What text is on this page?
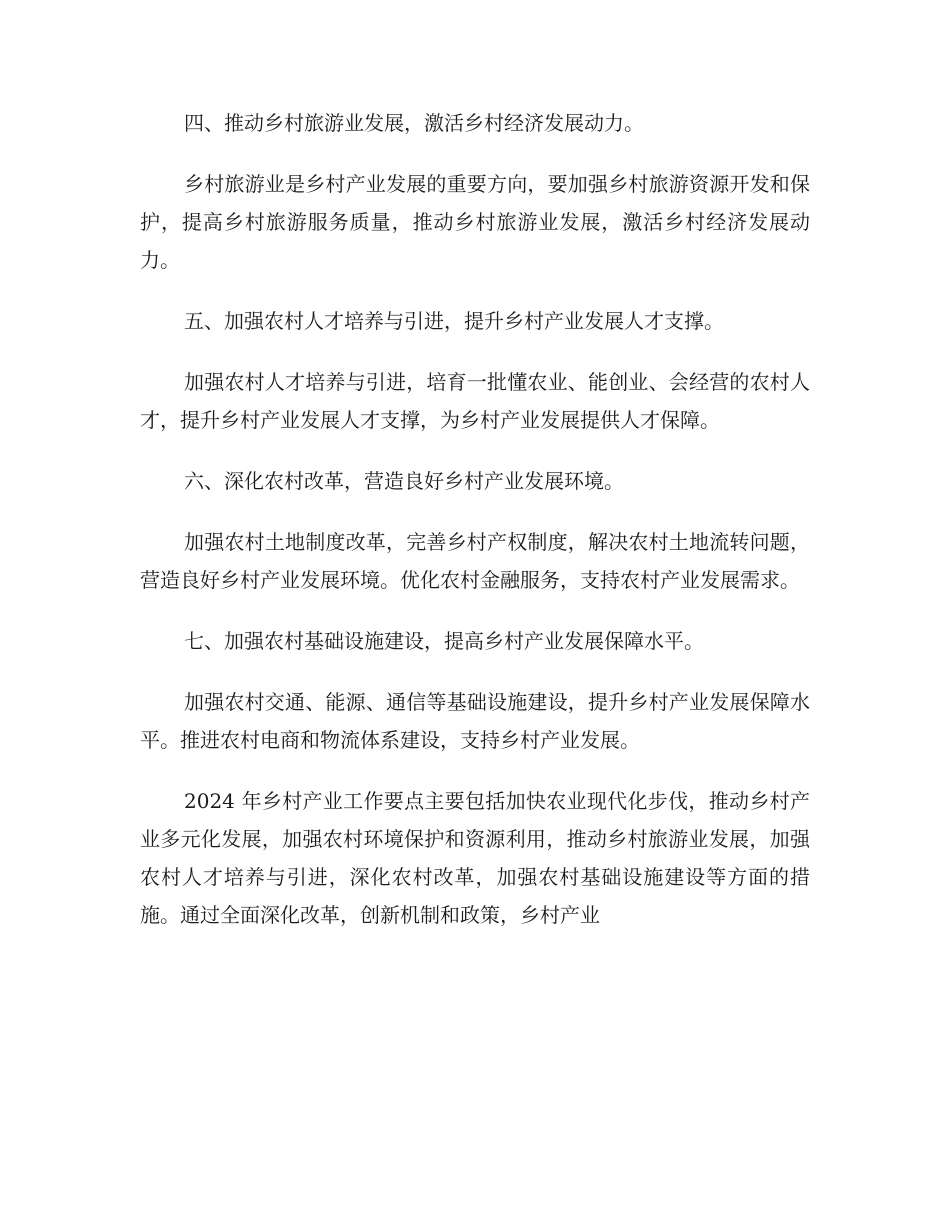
四、推动乡村旅游业发展，激活乡村经济发展动力。

乡村旅游业是乡村产业发展的重要方向，要加强乡村旅游资源开发和保护，提高乡村旅游服务质量，推动乡村旅游业发展，激活乡村经济发展动力。

五、加强农村人才培养与引进，提升乡村产业发展人才支撑。

加强农村人才培养与引进，培育一批懂农业、能创业、会经营的农村人才，提升乡村产业发展人才支撑，为乡村产业发展提供人才保障。

六、深化农村改革，营造良好乡村产业发展环境。

加强农村土地制度改革，完善乡村产权制度，解决农村土地流转问题，营造良好乡村产业发展环境。优化农村金融服务，支持农村产业发展需求。

七、加强农村基础设施建设，提高乡村产业发展保障水平。

加强农村交通、能源、通信等基础设施建设，提升乡村产业发展保障水平。推进农村电商和物流体系建设，支持乡村产业发展。

2024 年乡村产业工作要点主要包括加快农业现代化步伐，推动乡村产业多元化发展，加强农村环境保护和资源利用，推动乡村旅游业发展，加强农村人才培养与引进，深化农村改革，加强农村基础设施建设等方面的措施。通过全面深化改革，创新机制和政策，乡村产业
